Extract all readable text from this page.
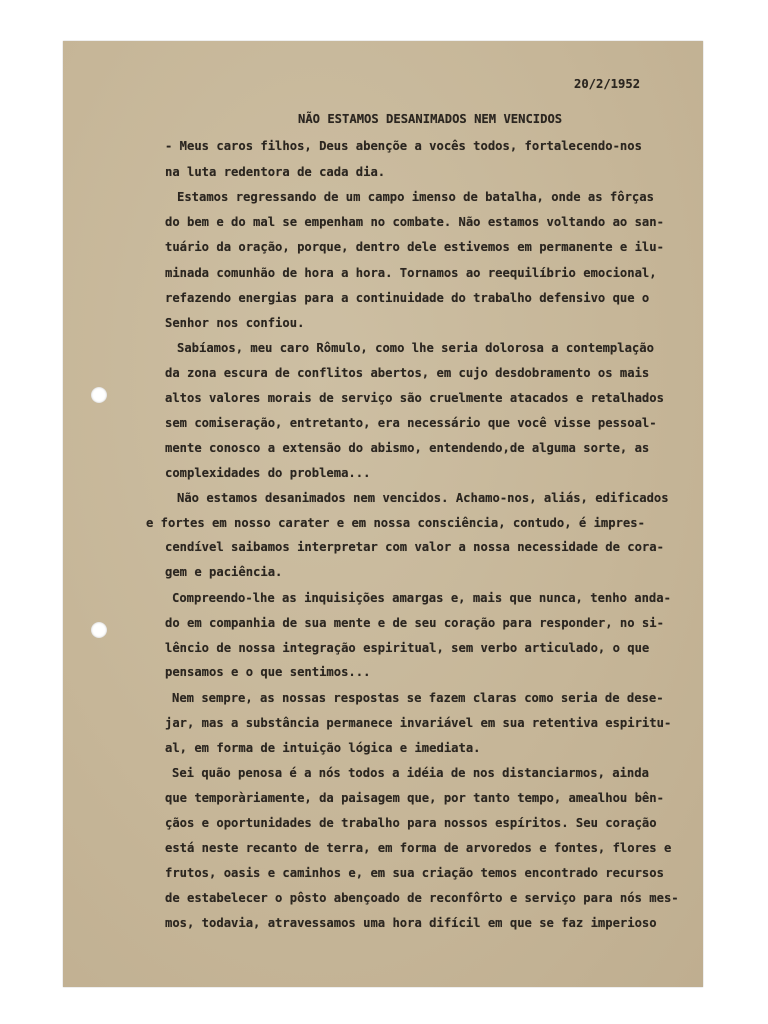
20/2/1952
NÃO ESTAMOS DESANIMADOS NEM VENCIDOS
- Meus caros filhos, Deus abençõe a vocês todos, fortalecendo-nos
na luta redentora de cada dia.
Estamos regressando de um campo imenso de batalha, onde as fôrças
do bem e do mal se empenham no combate. Não estamos voltando ao san-
tuário da oração, porque, dentro dele estivemos em permanente e ilu-
minada comunhão de hora a hora. Tornamos ao reequilíbrio emocional,
refazendo energias para a continuidade do trabalho defensivo que o
Senhor nos confiou.
Sabíamos, meu caro Rômulo, como lhe seria dolorosa a contemplação
da zona escura de conflitos abertos, em cujo desdobramento os mais
altos valores morais de serviço são cruelmente atacados e retalhados
sem comiseração, entretanto, era necessário que você visse pessoal-
mente conosco a extensão do abismo, entendendo,de alguma sorte, as
complexidades do problema...
Não estamos desanimados nem vencidos. Achamo-nos, aliás, edificados
e fortes em nosso carater e em nossa consciência, contudo, é impres-
cendível saibamos interpretar com valor a nossa necessidade de cora-
gem e paciência.
Compreendo-lhe as inquisições amargas e, mais que nunca, tenho anda-
do em companhia de sua mente e de seu coração para responder, no si-
lêncio de nossa integração espiritual, sem verbo articulado, o que
pensamos e o que sentimos...
Nem sempre, as nossas respostas se fazem claras como seria de dese-
jar, mas a substância permanece invariável em sua retentiva espiritu-
al, em forma de intuição lógica e imediata.
Sei quão penosa é a nós todos a idéia de nos distanciarmos, ainda
que temporàriamente, da paisagem que, por tanto tempo, amealhou bên-
çãos e oportunidades de trabalho para nossos espíritos. Seu coração
está neste recanto de terra, em forma de arvoredos e fontes, flores e
frutos, oasis e caminhos e, em sua criação temos encontrado recursos
de estabelecer o pôsto abençoado de reconfôrto e serviço para nós mes-
mos, todavia, atravessamos uma hora difícil em que se faz imperioso
